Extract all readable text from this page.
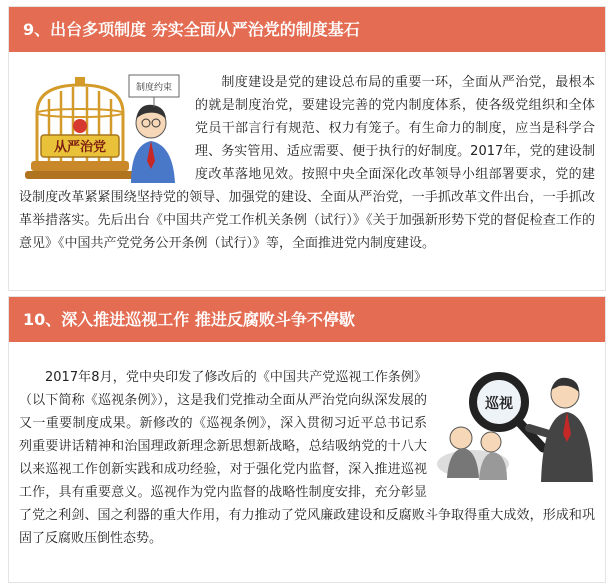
9、出台多项制度 夯实全面从严治党的制度基石
从严治党
制度约束	制度建设是党的建设总布局的重要一环，全面从严治党，最根本的就是制度治党，要建设完善的党内制度体系，使各级党组织和全体党员干部言行有规范、权力有笼子。有生命力的制度，应当是科学合理、务实管用、适应需要、便于执行的好制度。2017年，党的建设制度改革落地见效。按照中央全面深化改革领导小组部署要求，党的建设制度改革紧紧围绕坚持党的领导、加强党的建设、全面从严治党，一手抓改革文件出台，一手抓改革举措落实。先后出台《中国共产党工作机关条例（试行）》《关于加强新形势下党的督促检查工作的意见》《中国共产党党务公开条例（试行）》等，全面推进党内制度建设。

10、深入推进巡视工作 推进反腐败斗争不停歇
巡视

2017年8月，党中央印发了修改后的《中国共产党巡视工作条例》（以下简称《巡视条例》），这是我们党推动全面从严治党向纵深发展的又一重要制度成果。新修改的《巡视条例》，深入贯彻习近平总书记系列重要讲话精神和治国理政新理念新思想新战略，总结吸纳党的十八大以来巡视工作创新实践和成功经验，对于强化党内监督，深入推进巡视工作，具有重要意义。巡视作为党内监督的战略性制度安排，充分彰显了党之利剑、国之利器的重大作用，有力推动了党风廉政建设和反腐败斗争取得重大成效，形成和巩固了反腐败压倒性态势。
